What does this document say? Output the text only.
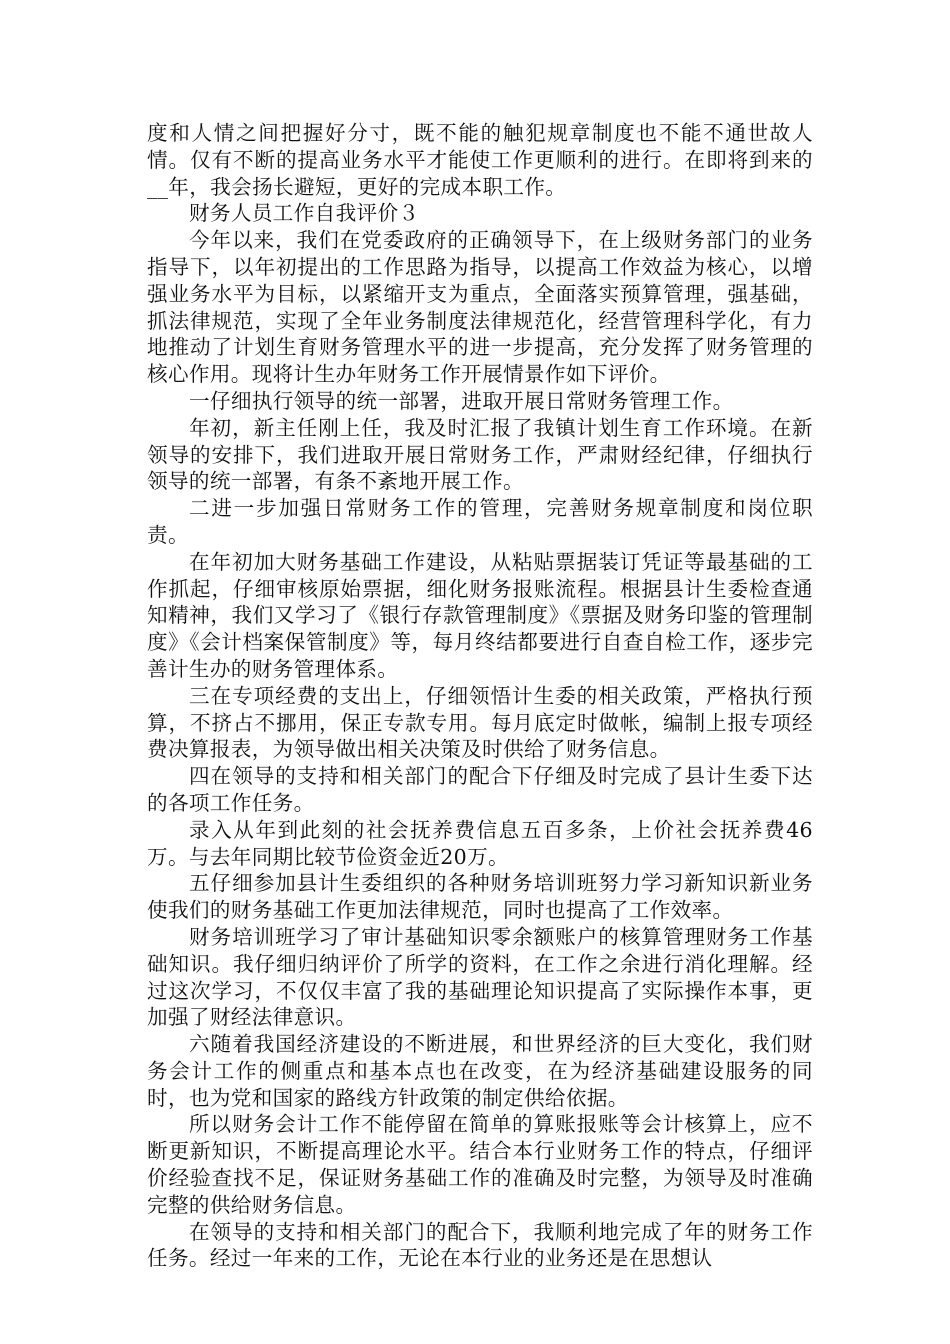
度和人情之间把握好分寸，既不能的触犯规章制度也不能不通世故人情。仅有不断的提高业务水平才能使工作更顺利的进行。在即将到来的__年，我会扬长避短，更好的完成本职工作。

财务人员工作自我评价３

今年以来，我们在党委政府的正确领导下，在上级财务部门的业务指导下，以年初提出的工作思路为指导，以提高工作效益为核心，以增强业务水平为目标，以紧缩开支为重点，全面落实预算管理，强基础，抓法律规范，实现了全年业务制度法律规范化，经营管理科学化，有力地推动了计划生育财务管理水平的进一步提高，充分发挥了财务管理的核心作用。现将计生办年财务工作开展情景作如下评价。

一仔细执行领导的统一部署，进取开展日常财务管理工作。

年初，新主任刚上任，我及时汇报了我镇计划生育工作环境。在新领导的安排下，我们进取开展日常财务工作，严肃财经纪律，仔细执行领导的统一部署，有条不紊地开展工作。

二进一步加强日常财务工作的管理，完善财务规章制度和岗位职责。

在年初加大财务基础工作建设，从粘贴票据装订凭证等最基础的工作抓起，仔细审核原始票据，细化财务报账流程。根据县计生委检查通知精神，我们又学习了《银行存款管理制度》《票据及财务印鉴的管理制度》《会计档案保管制度》等，每月终结都要进行自查自检工作，逐步完善计生办的财务管理体系。

三在专项经费的支出上，仔细领悟计生委的相关政策，严格执行预算，不挤占不挪用，保正专款专用。每月底定时做帐，编制上报专项经费决算报表，为领导做出相关决策及时供给了财务信息。

四在领导的支持和相关部门的配合下仔细及时完成了县计生委下达的各项工作任务。

录入从年到此刻的社会抚养费信息五百多条，上价社会抚养费46万。与去年同期比较节俭资金近20万。

五仔细参加县计生委组织的各种财务培训班努力学习新知识新业务使我们的财务基础工作更加法律规范，同时也提高了工作效率。

财务培训班学习了审计基础知识零余额账户的核算管理财务工作基础知识。我仔细归纳评价了所学的资料，在工作之余进行消化理解。经过这次学习，不仅仅丰富了我的基础理论知识提高了实际操作本事，更加强了财经法律意识。

六随着我国经济建设的不断进展，和世界经济的巨大变化，我们财务会计工作的侧重点和基本点也在改变，在为经济基础建设服务的同时，也为党和国家的路线方针政策的制定供给依据。

所以财务会计工作不能停留在简单的算账报账等会计核算上，应不断更新知识，不断提高理论水平。结合本行业财务工作的特点，仔细评价经验查找不足，保证财务基础工作的准确及时完整，为领导及时准确完整的供给财务信息。

在领导的支持和相关部门的配合下，我顺利地完成了年的财务工作任务。经过一年来的工作，无论在本行业的业务还是在思想认
